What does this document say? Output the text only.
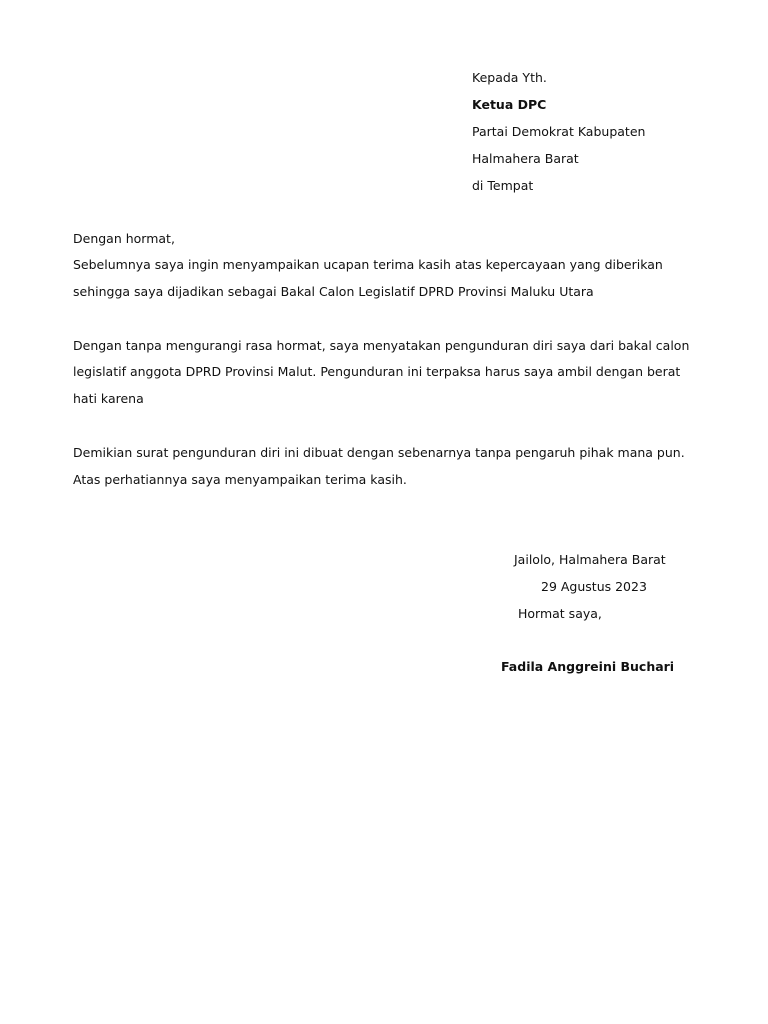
Kepada Yth.
Ketua DPC
Partai Demokrat Kabupaten
Halmahera Barat
di Tempat
Dengan hormat,
Sebelumnya saya ingin menyampaikan ucapan terima kasih atas kepercayaan yang diberikan
sehingga saya dijadikan sebagai Bakal Calon Legislatif DPRD Provinsi Maluku Utara
Dengan tanpa mengurangi rasa hormat, saya menyatakan pengunduran diri saya dari bakal calon
legislatif anggota DPRD Provinsi Malut. Pengunduran ini terpaksa harus saya ambil dengan berat
hati karena
Demikian surat pengunduran diri ini dibuat dengan sebenarnya tanpa pengaruh pihak mana pun.
Atas perhatiannya saya menyampaikan terima kasih.
Jailolo, Halmahera Barat
29 Agustus 2023
Hormat saya,
Fadila Anggreini Buchari
